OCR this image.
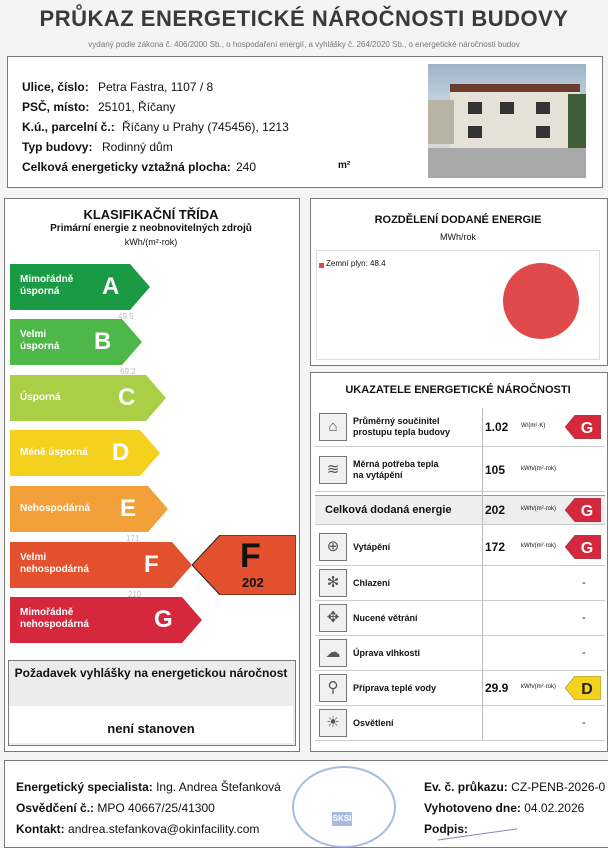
PRŮKAZ ENERGETICKÉ NÁROČNOSTI BUDOVY
vydaný podle zákona č. 406/2000 Sb., o hospodaření energií, a vyhlášky č. 264/2020 Sb., o energetické náročnosti budov
Ulice, číslo: Petra Fastra, 1107 / 8
PSČ, místo: 25101, Říčany
K.ú., parcelní č.: Říčany u Prahy (745456), 1213
Typ budovy: Rodinný dům
Celková energeticky vztažná plocha: 240	m²
KLASIFIKAČNÍ TŘÍDA
Primární energie z neobnovitelných zdrojů
kWh/(m²·rok)
Mimořádně
úsporná	A
Velmi
úsporná B
Úsporná C
Méně úsporná D
Nehospodárná E
Velmi
nehospodárná F
Mimořádně
nehospodárná	G
49.5
69.2
171
210
F
202
Požadavek vyhlášky na energetickou náročnost
není stanoven
ROZDĚLENÍ DODANÉ ENERGIE
MWh/rok
Zemní plyn: 48.4
UKAZATELE ENERGETICKÉ NÁROČNOSTI
⌂	Průměrný součinitel
prostupu tepla budovy	1.02 W/(m²·K) G
≋	Měrná potřeba tepla
na vytápění	105	kWh/(m²·rok)
Celková dodaná energie	202	kWh/(m²·rok) G
⊕	Vytápění	172	kWh/(m²·rok) G
✻	Chlazení	-
✥	Nucené větrání	-
☁	Úprava vlhkosti	-
⚲	Příprava teplé vody	29.9 kWh/(m²·rok) D
☀	Osvětlení	-
Energetický specialista: Ing. Andrea Štefanková
Osvědčení č.: MPO 40667/25/41300
Kontakt: andrea.stefankova@okinfacility.com
SKSI
Ev. č. průkazu: CZ-PENB-2026-0
Vyhotoveno dne: 04.02.2026
Podpis:
